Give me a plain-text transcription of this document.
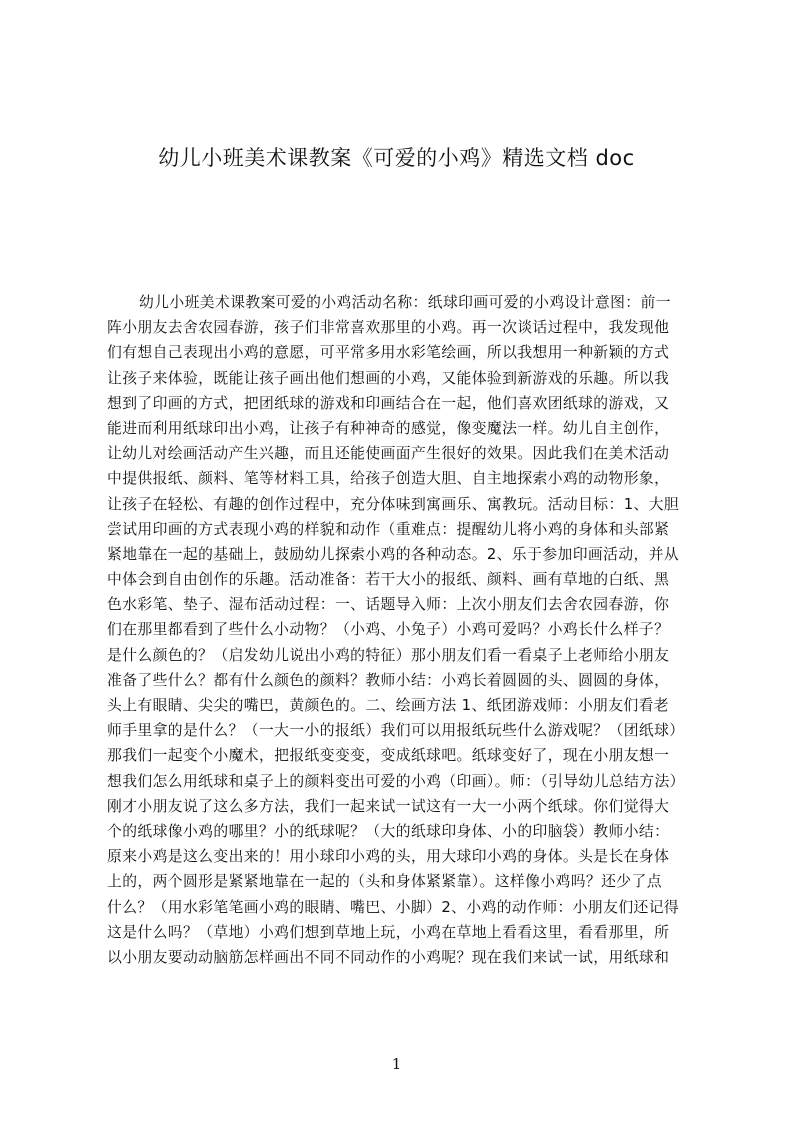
幼儿小班美术课教案《可爱的小鸡》精选文档 doc
幼儿小班美术课教案可爱的小鸡活动名称：纸球印画可爱的小鸡设计意图：前一
阵小朋友去舍农园春游，孩子们非常喜欢那里的小鸡。再一次谈话过程中，我发现他
们有想自己表现出小鸡的意愿，可平常多用水彩笔绘画，所以我想用一种新颖的方式
让孩子来体验，既能让孩子画出他们想画的小鸡，又能体验到新游戏的乐趣。所以我
想到了印画的方式，把团纸球的游戏和印画结合在一起，他们喜欢团纸球的游戏，又
能进而利用纸球印出小鸡，让孩子有种神奇的感觉，像变魔法一样。幼儿自主创作，
让幼儿对绘画活动产生兴趣，而且还能使画面产生很好的效果。因此我们在美术活动
中提供报纸、颜料、笔等材料工具，给孩子创造大胆、自主地探索小鸡的动物形象，
让孩子在轻松、有趣的创作过程中，充分体味到寓画乐、寓教玩。活动目标：1、大胆
尝试用印画的方式表现小鸡的样貌和动作（重难点：提醒幼儿将小鸡的身体和头部紧
紧地靠在一起的基础上，鼓励幼儿探索小鸡的各种动态。2、乐于参加印画活动，并从
中体会到自由创作的乐趣。活动准备：若干大小的报纸、颜料、画有草地的白纸、黑
色水彩笔、垫子、湿布活动过程：一、话题导入师：上次小朋友们去舍农园春游，你
们在那里都看到了些什么小动物？（小鸡、小兔子）小鸡可爱吗？小鸡长什么样子？
是什么颜色的？（启发幼儿说出小鸡的特征）那小朋友们看一看桌子上老师给小朋友
准备了些什么？都有什么颜色的颜料？教师小结：小鸡长着圆圆的头、圆圆的身体，
头上有眼睛、尖尖的嘴巴，黄颜色的。二、绘画方法 1、纸团游戏师：小朋友们看老
师手里拿的是什么？（一大一小的报纸）我们可以用报纸玩些什么游戏呢？（团纸球）
那我们一起变个小魔术，把报纸变变变，变成纸球吧。纸球变好了，现在小朋友想一
想我们怎么用纸球和桌子上的颜料变出可爱的小鸡（印画）。师：（引导幼儿总结方法）
刚才小朋友说了这么多方法，我们一起来试一试这有一大一小两个纸球。你们觉得大
个的纸球像小鸡的哪里？小的纸球呢？（大的纸球印身体、小的印脑袋）教师小结：
原来小鸡是这么变出来的！用小球印小鸡的头，用大球印小鸡的身体。头是长在身体
上的，两个圆形是紧紧地靠在一起的（头和身体紧紧靠）。这样像小鸡吗？还少了点
什么？（用水彩笔笔画小鸡的眼睛、嘴巴、小脚）2、小鸡的动作师：小朋友们还记得
这是什么吗？（草地）小鸡们想到草地上玩，小鸡在草地上看看这里，看看那里，所
以小朋友要动动脑筋怎样画出不同不同动作的小鸡呢？现在我们来试一试，用纸球和
1
